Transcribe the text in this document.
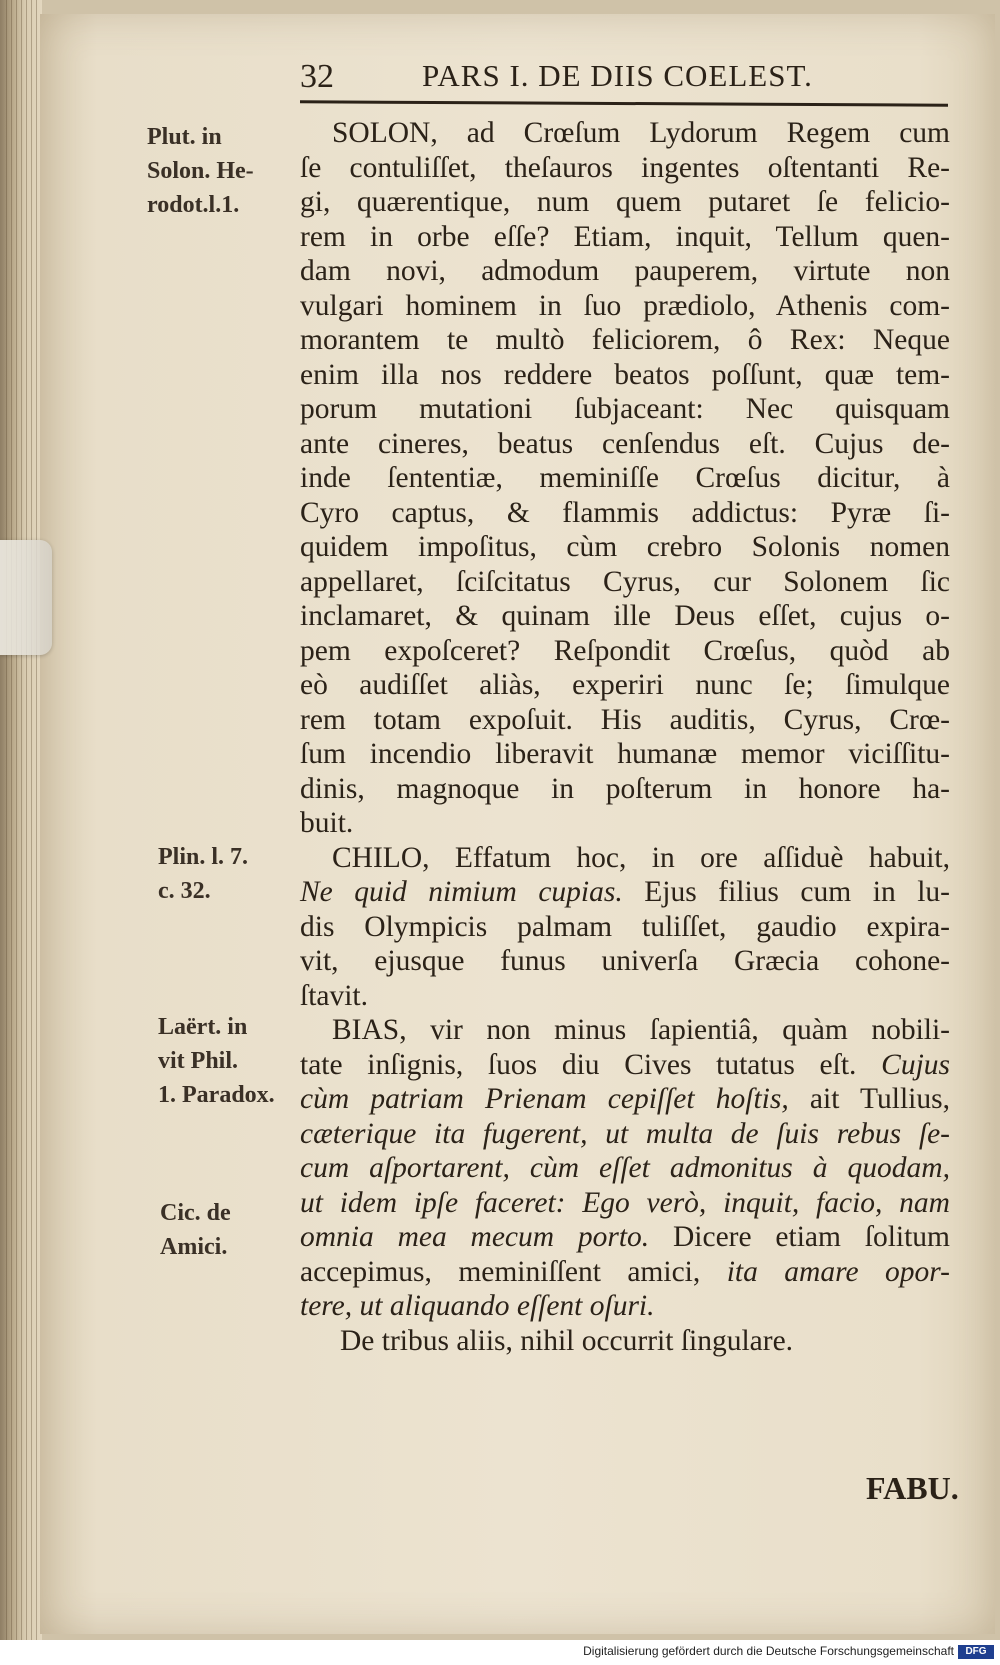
32	PARS I. DE DIIS COELEST.
Plut. in
Solon. He-
rodot.l.1.
Plin. l. 7.
c. 32.
Laërt. in
vit Phil.
1. Paradox.
Cic. de
Amici.
SOLON, ad Crœſum Lydorum Regem cum
ſe contuliſſet, theſauros ingentes oſtentanti Re-
gi, quærentique, num quem putaret ſe felicio-
rem in orbe eſſe? Etiam, inquit, Tellum quen-
dam novi, admodum pauperem, virtute non
vulgari hominem in ſuo prædiolo, Athenis com-
morantem te multò feliciorem, ô Rex: Neque
enim illa nos reddere beatos poſſunt, quæ tem-
porum mutationi ſubjaceant: Nec quisquam
ante cineres, beatus cenſendus eſt. Cujus de-
inde ſententiæ, meminiſſe Crœſus dicitur, à
Cyro captus, & flammis addictus: Pyræ ſi-
quidem impoſitus, cùm crebro Solonis nomen
appellaret, ſciſcitatus Cyrus, cur Solonem ſic
inclamaret, & quinam ille Deus eſſet, cujus o-
pem expoſceret? Reſpondit Crœſus, quòd ab
eò audiſſet aliàs, experiri nunc ſe; ſimulque
rem totam expoſuit. His auditis, Cyrus, Crœ-
ſum incendio liberavit humanæ memor viciſſitu-
dinis, magnoque in poſterum in honore ha-
buit.
CHILO, Effatum hoc, in ore aſſiduè habuit,
Ne quid nimium cupias. Ejus filius cum in lu-
dis Olympicis palmam tuliſſet, gaudio expira-
vit, ejusque funus univerſa Græcia cohone-
ſtavit.
BIAS, vir non minus ſapientiâ, quàm nobili-
tate inſignis, ſuos diu Cives tutatus eſt. Cujus
cùm patriam Prienam cepiſſet hoſtis, ait Tullius,
cæterique ita fugerent, ut multa de ſuis rebus ſe-
cum aſportarent, cùm eſſet admonitus à quodam,
ut idem ipſe faceret: Ego verò, inquit, facio, nam
omnia mea mecum porto. Dicere etiam ſolitum
accepimus, meminiſſent amici, ita amare opor-
tere, ut aliquando eſſent oſuri.
De tribus aliis, nihil occurrit ſingulare.
FABU.
Digitalisierung gefördert durch die Deutsche Forschungsgemeinschaft	DFG
